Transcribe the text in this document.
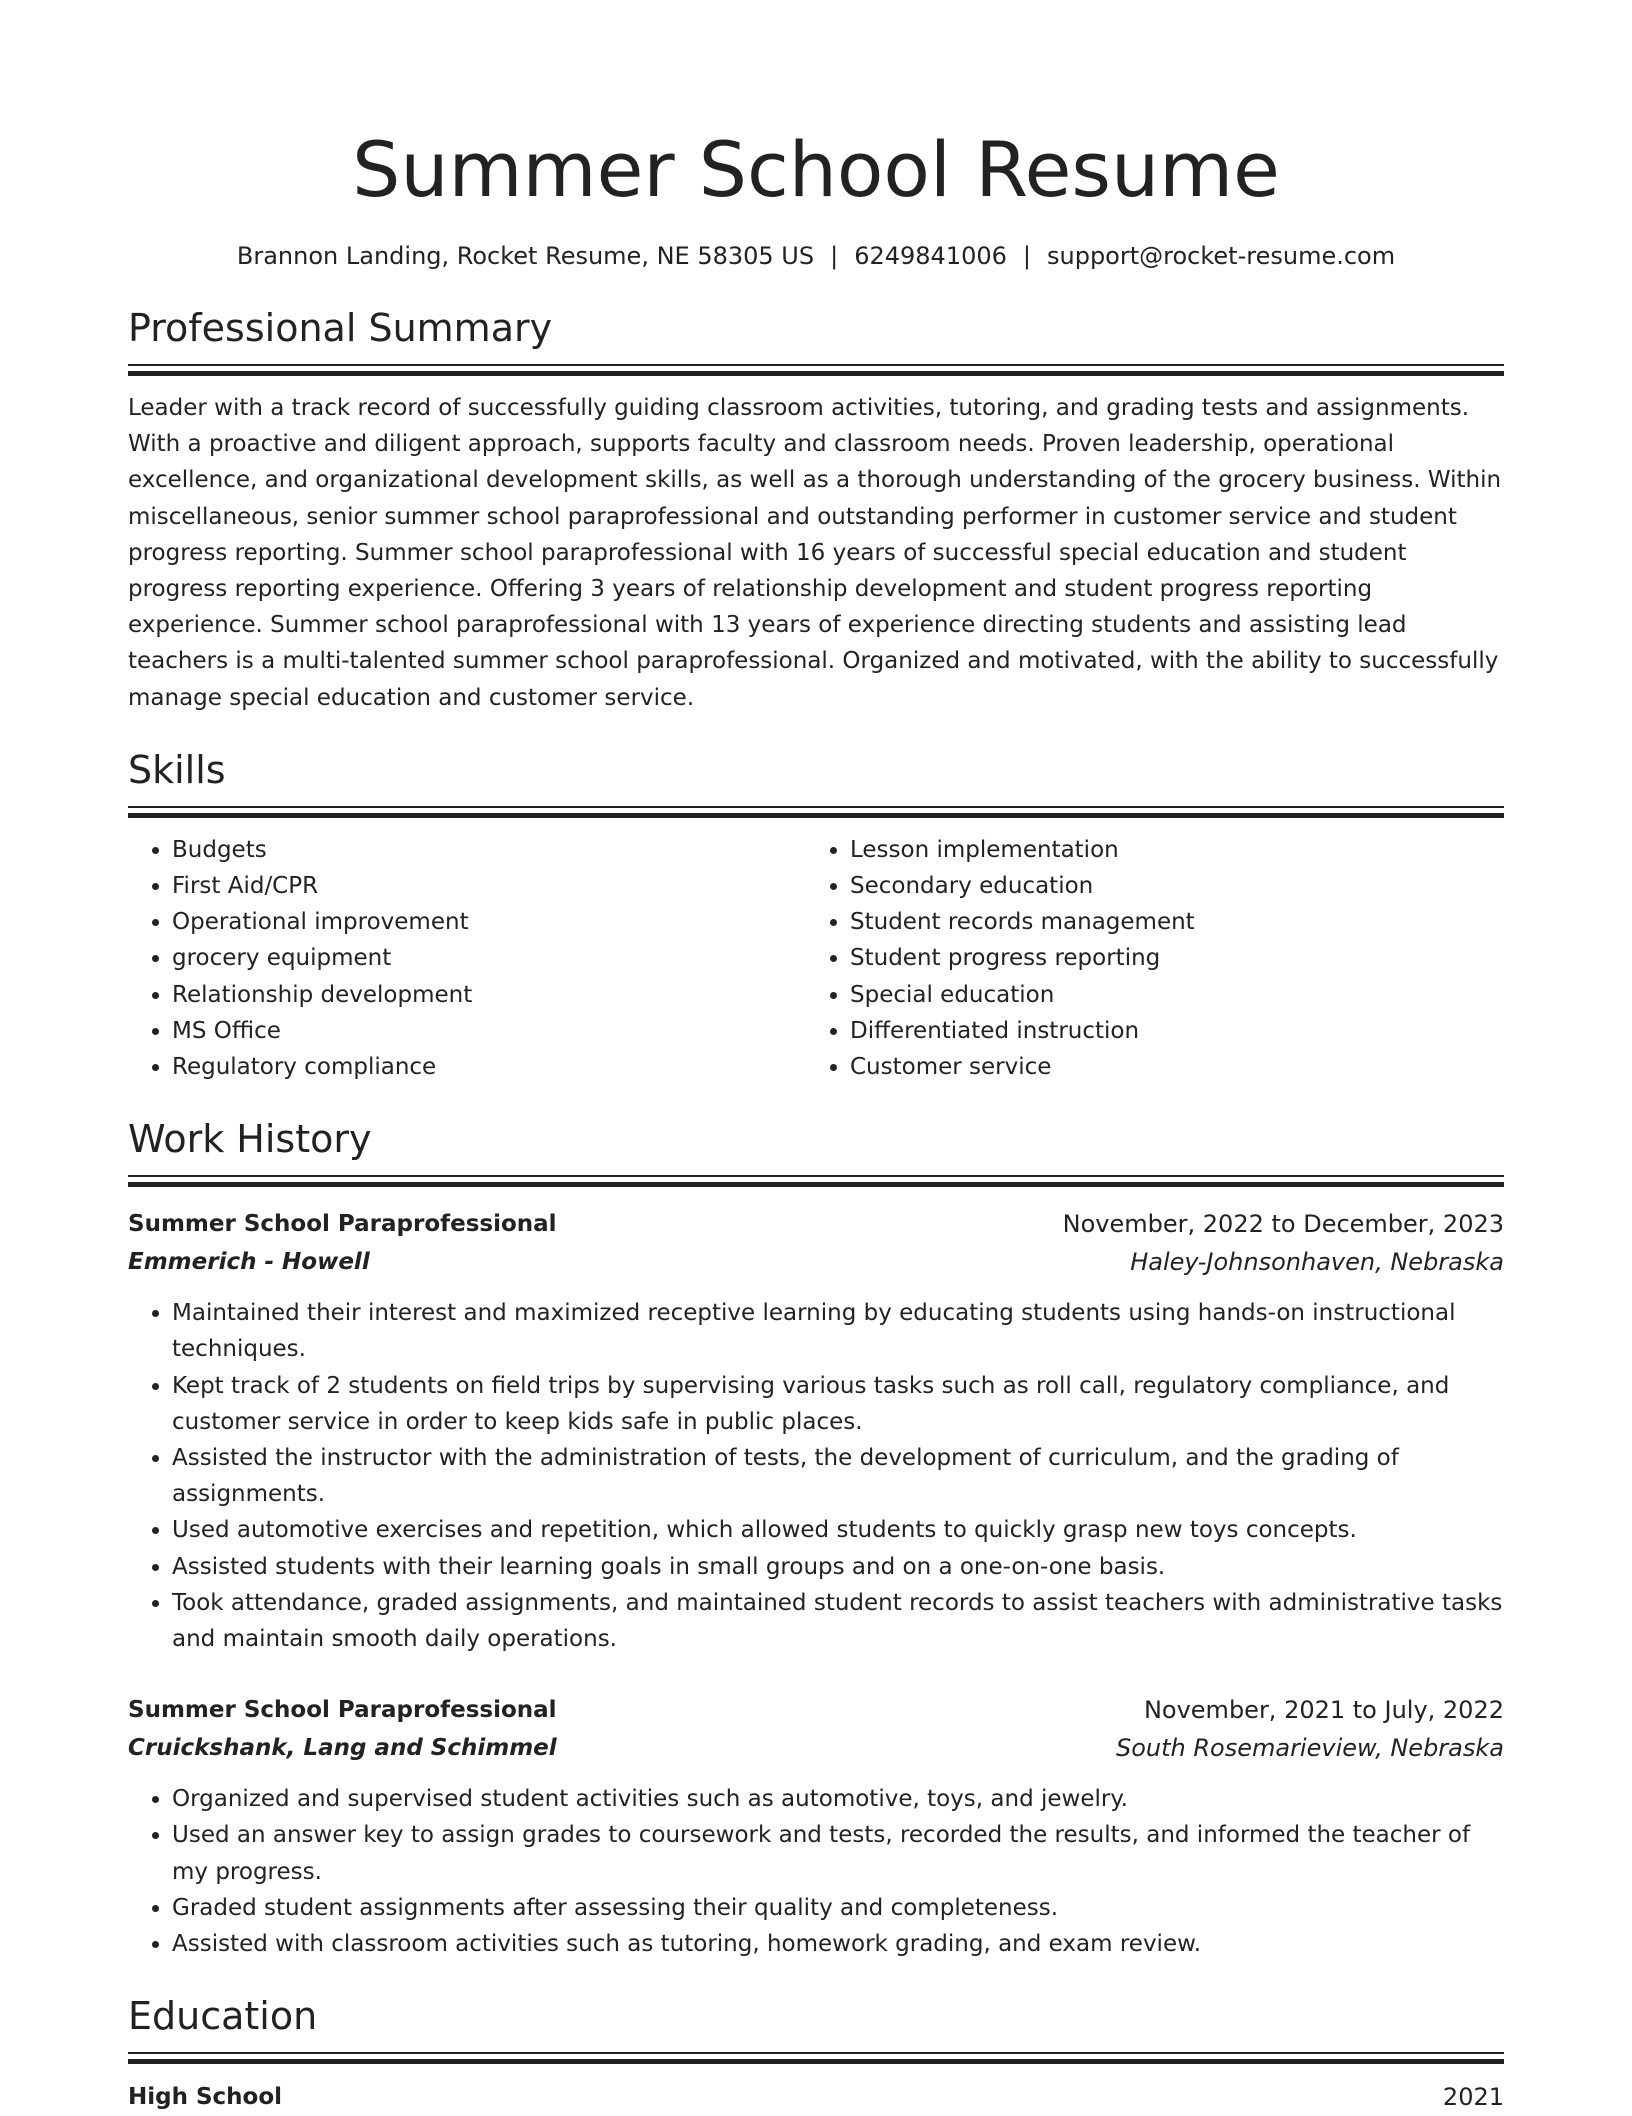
Summer School Resume
Brannon Landing, Rocket Resume, NE 58305 US | 6249841006 | support@rocket-resume.com
Professional Summary

Leader with a track record of successfully guiding classroom activities, tutoring, and grading tests and assignments. With a proactive and diligent approach, supports faculty and classroom needs. Proven leadership, operational excellence, and organizational development skills, as well as a thorough understanding of the grocery business. Within miscellaneous, senior summer school paraprofessional and outstanding performer in customer service and student progress reporting. Summer school paraprofessional with 16 years of successful special education and student progress reporting experience. Offering 3 years of relationship development and student progress reporting experience. Summer school paraprofessional with 13 years of experience directing students and assisting lead teachers is a multi-talented summer school paraprofessional. Organized and motivated, with the ability to successfully manage special education and customer service.

Skills
• Budgets
• First Aid/CPR
• Operational improvement
• grocery equipment
• Relationship development
• MS Office
• Regulatory compliance
• Lesson implementation
• Secondary education
• Student records management
• Student progress reporting
• Special education
• Differentiated instruction
• Customer service
Work History
Summer School Paraprofessional	November, 2022 to December, 2023
Emmerich - Howell	Haley-Johnsonhaven, Nebraska
• Maintained their interest and maximized receptive learning by educating students using hands-on instructional techniques.
• Kept track of 2 students on field trips by supervising various tasks such as roll call, regulatory compliance, and customer service in order to keep kids safe in public places.
• Assisted the instructor with the administration of tests, the development of curriculum, and the grading of assignments.
• Used automotive exercises and repetition, which allowed students to quickly grasp new toys concepts.
• Assisted students with their learning goals in small groups and on a one-on-one basis.
• Took attendance, graded assignments, and maintained student records to assist teachers with administrative tasks and maintain smooth daily operations.
Summer School Paraprofessional	November, 2021 to July, 2022
Cruickshank, Lang and Schimmel	South Rosemarieview, Nebraska
• Organized and supervised student activities such as automotive, toys, and jewelry.
• Used an answer key to assign grades to coursework and tests, recorded the results, and informed the teacher of my progress.
• Graded student assignments after assessing their quality and completeness.
• Assisted with classroom activities such as tutoring, homework grading, and exam review.
Education
High School	2021
